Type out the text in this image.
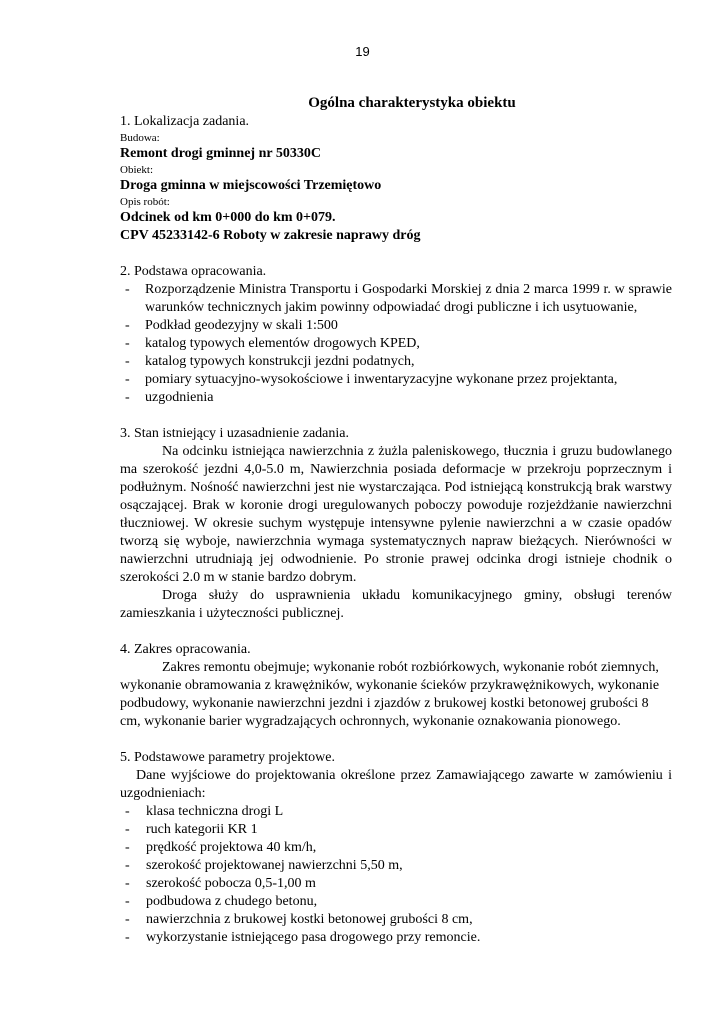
19
Ogólna charakterystyka obiektu

1. Lokalizacja zadania.

Budowa:

Remont drogi gminnej nr 50330C

Obiekt:

Droga gminna w miejscowości Trzemiętowo

Opis robót:

Odcinek od km 0+000 do km 0+079.

CPV 45233142-6 Roboty w zakresie naprawy dróg

2. Podstawa opracowania.

- Rozporządzenie Ministra Transportu i Gospodarki Morskiej z dnia 2 marca 1999 r. w sprawie warunków technicznych jakim powinny odpowiadać drogi publiczne i ich usytuowanie,
- Podkład geodezyjny w skali 1:500
- katalog typowych elementów drogowych KPED,
- katalog typowych konstrukcji jezdni podatnych,
- pomiary sytuacyjno-wysokościowe i inwentaryzacyjne wykonane przez projektanta,
- uzgodnienia

3. Stan istniejący i uzasadnienie zadania.

Na odcinku istniejąca nawierzchnia z żużla paleniskowego, tłucznia i gruzu budowlanego ma szerokość jezdni 4,0-5.0 m, Nawierzchnia posiada deformacje w przekroju poprzecznym i podłużnym. Nośność nawierzchni jest nie wystarczająca. Pod istniejącą konstrukcją brak warstwy osączającej. Brak w koronie drogi uregulowanych poboczy powoduje rozjeżdżanie nawierzchni tłuczniowej. W okresie suchym występuje intensywne pylenie nawierzchni a w czasie opadów tworzą się wyboje, nawierzchnia wymaga systematycznych napraw bieżących. Nierówności w nawierzchni utrudniają jej odwodnienie. Po stronie prawej odcinka drogi istnieje chodnik o szerokości 2.0 m w stanie bardzo dobrym.

Droga służy do usprawnienia układu komunikacyjnego gminy, obsługi terenów zamieszkania i użyteczności publicznej.

4. Zakres opracowania.

Zakres remontu obejmuje; wykonanie robót rozbiórkowych, wykonanie robót ziemnych, wykonanie obramowania z krawężników, wykonanie ścieków przykrawężnikowych, wykonanie podbudowy, wykonanie nawierzchni jezdni i zjazdów z brukowej kostki betonowej grubości 8 cm, wykonanie barier wygradzających ochronnych, wykonanie oznakowania pionowego.

5. Podstawowe parametry projektowe.

Dane wyjściowe do projektowania określone przez Zamawiającego zawarte w zamówieniu i uzgodnieniach:

- klasa techniczna drogi L
- ruch kategorii KR 1
- prędkość projektowa 40 km/h,
- szerokość projektowanej nawierzchni 5,50 m,
- szerokość pobocza 0,5-1,00 m
- podbudowa z chudego betonu,
- nawierzchnia z brukowej kostki betonowej grubości 8 cm,
- wykorzystanie istniejącego pasa drogowego przy remoncie.
